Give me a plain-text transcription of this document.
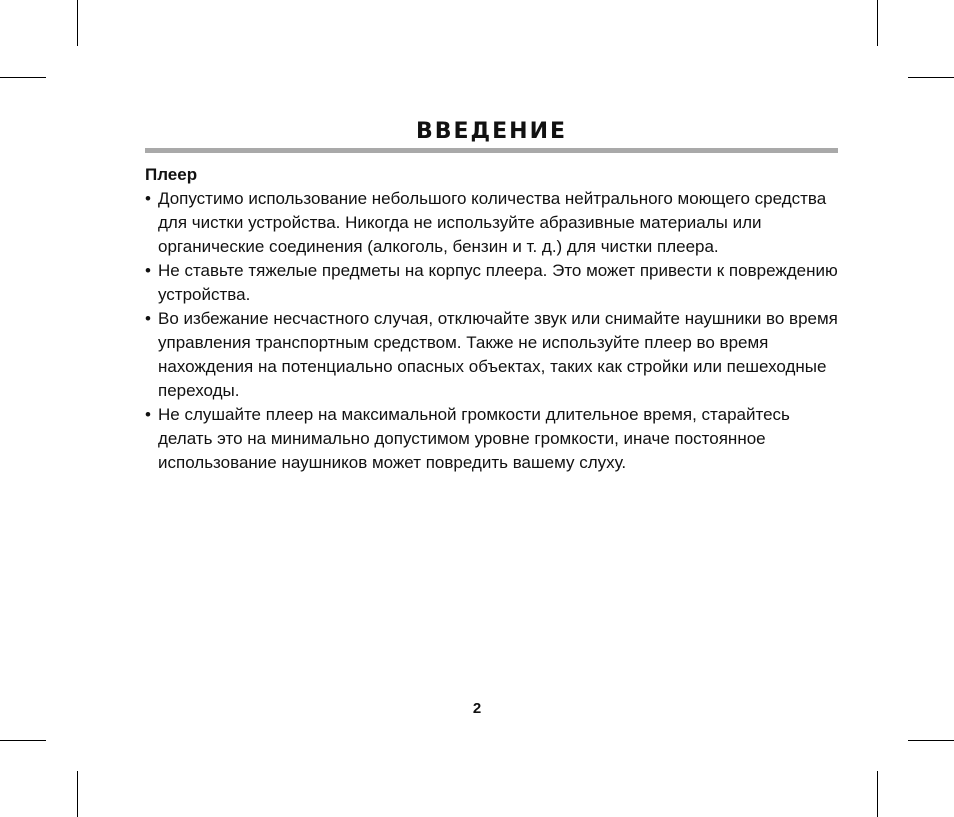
ВВЕДЕНИЕ

Плеер

• Допустимо использование небольшого количества нейтрального моющего средства для чистки устройства. Никогда не используйте абразивные материалы или органические соединения (алкоголь, бензин и т. д.) для чистки плеера.
• Не ставьте тяжелые предметы на корпус плеера. Это может привести к повреждению устройства.
• Во избежание несчастного случая, отключайте звук или снимайте наушники во время управления транспортным средством. Также не используйте плеер во время нахождения на потенциально опасных объектах, таких как стройки или пешеходные переходы.
• Не слушайте плеер на максимальной громкости длительное время, старайтесь делать это на минимально допустимом уровне громкости, иначе постоянное использование наушников может повредить вашему слуху.
2
